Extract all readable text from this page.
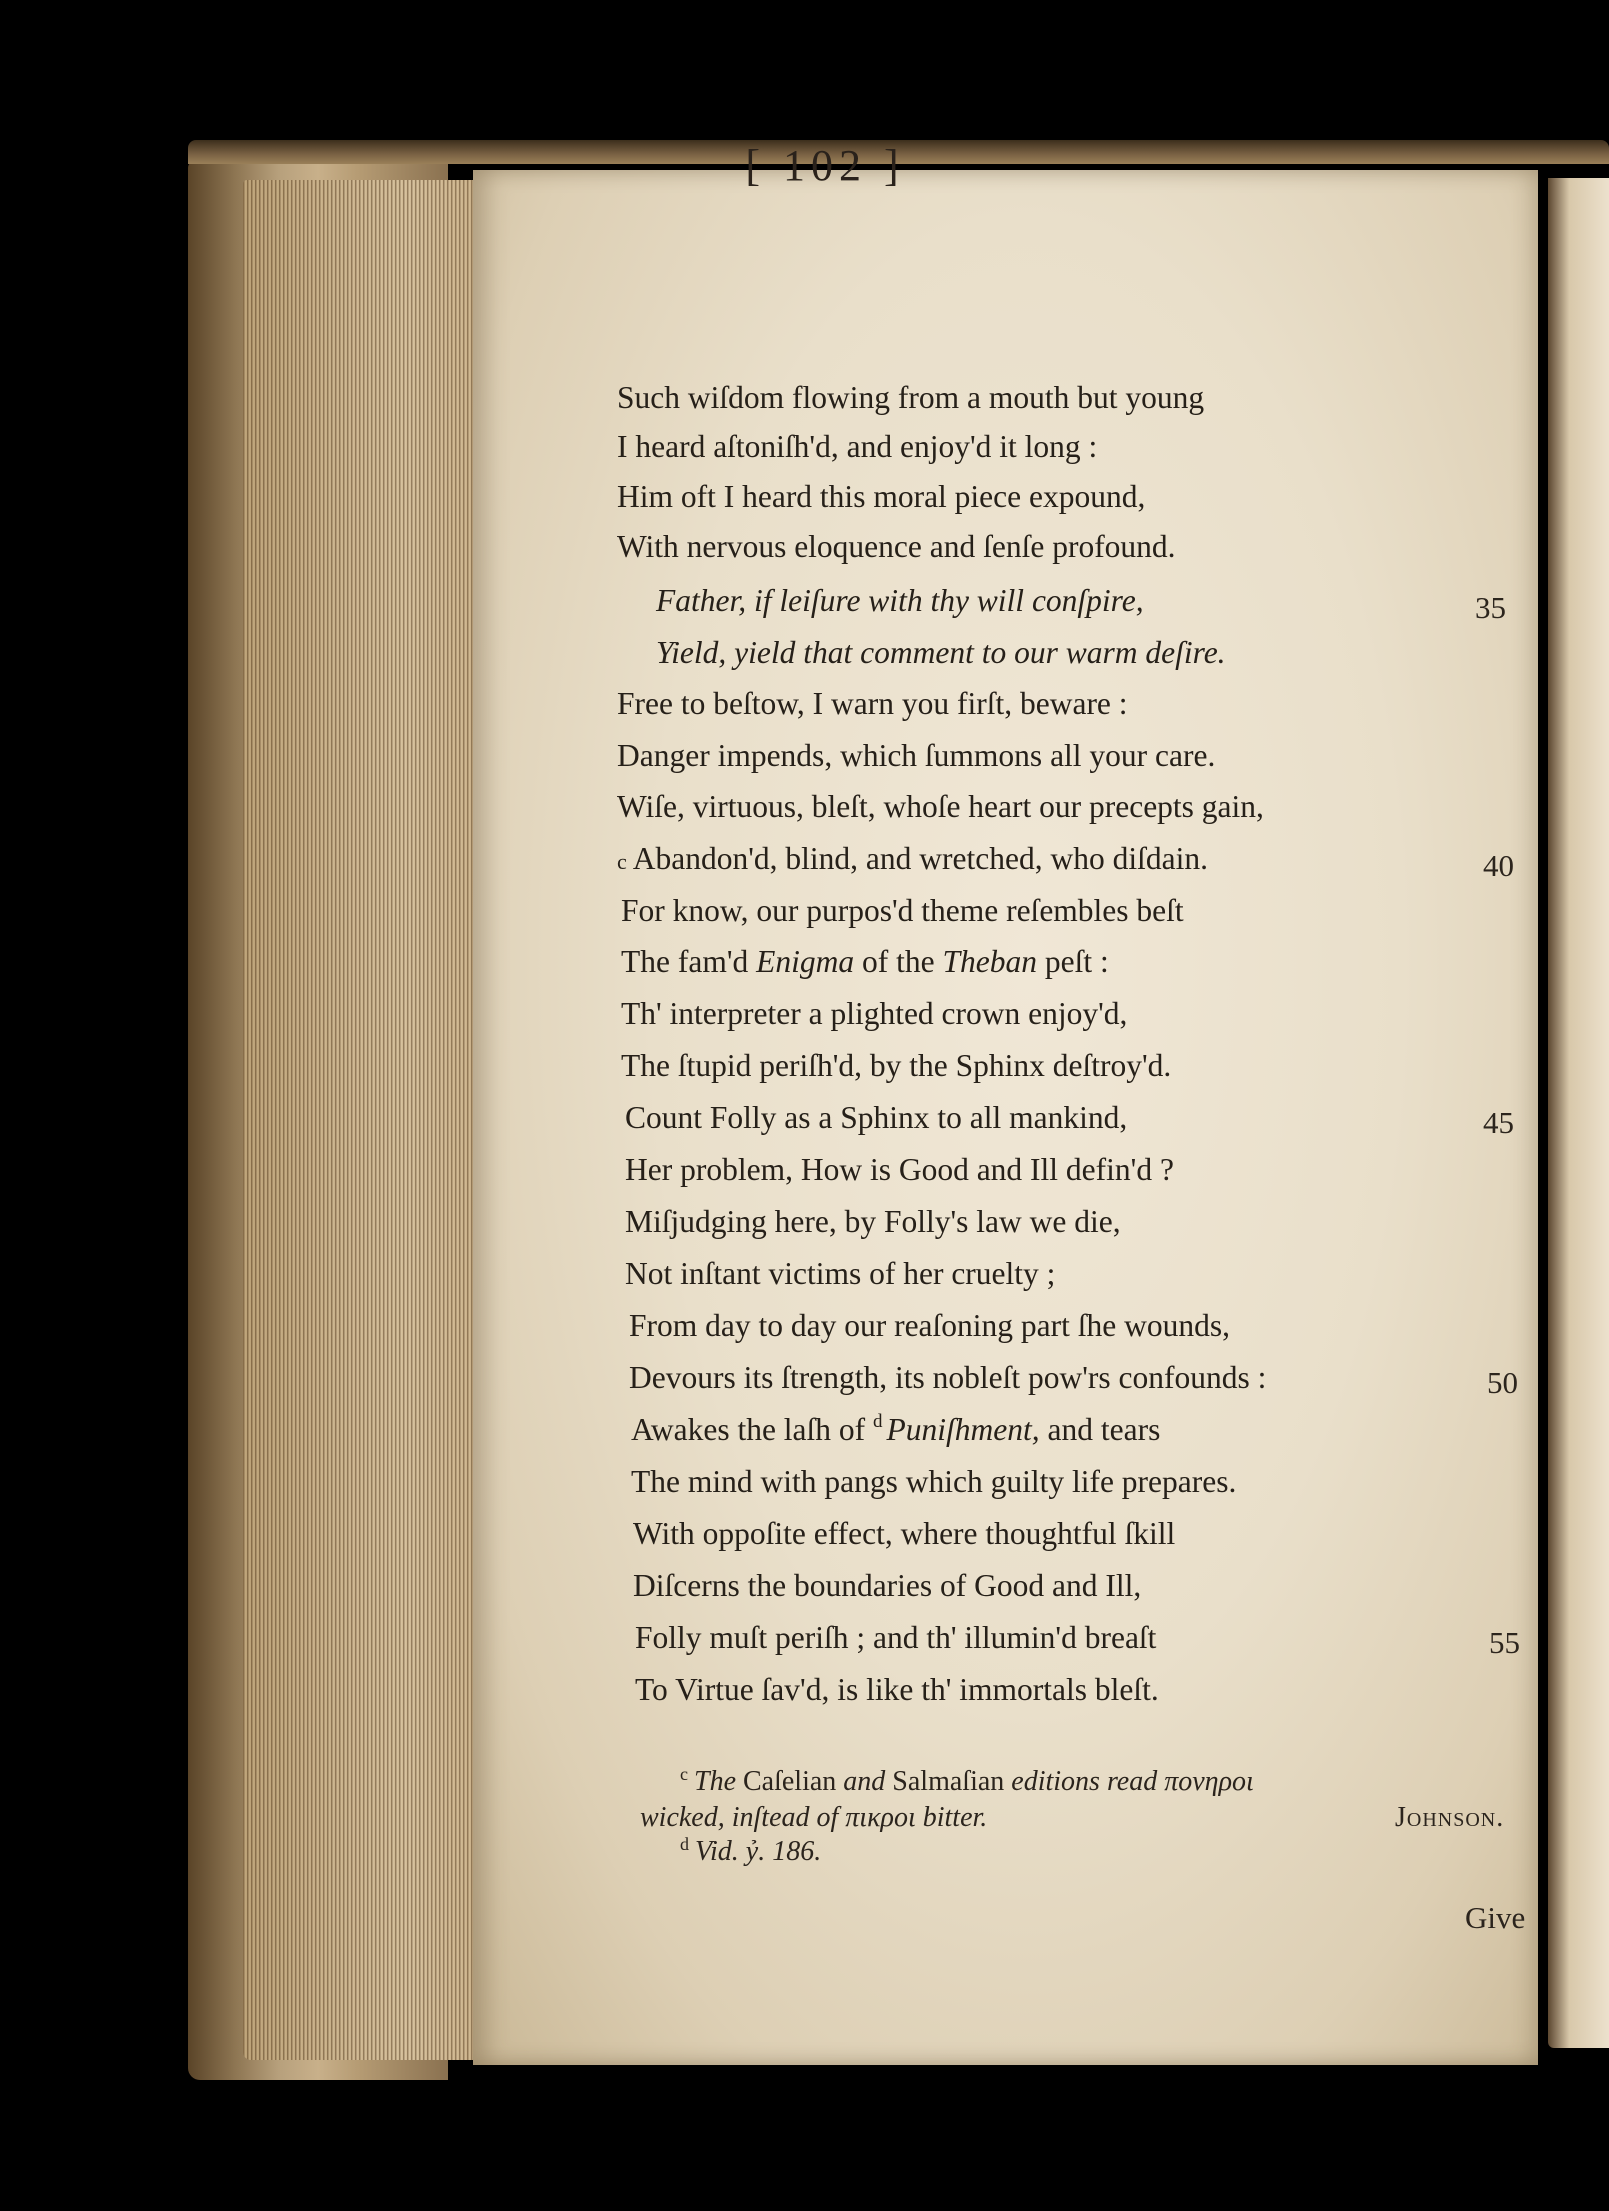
[ 102 ]
Such wiſdom flowing from a mouth but young
I heard aſtoniſh'd, and enjoy'd it long :
Him oft I heard this moral piece expound,
With nervous eloquence and ſenſe profound.
Father, if leiſure with thy will conſpire,
Yield, yield that comment to our warm deſire.
Free to beſtow, I warn you firſt, beware :
Danger impends, which ſummons all your care.
Wiſe, virtuous, bleſt, whoſe heart our precepts gain,
c Abandon'd, blind, and wretched, who diſdain.
For know, our purpos'd theme reſembles beſt
The fam'd Enigma of the Theban peſt :
Th' interpreter a plighted crown enjoy'd,
The ſtupid periſh'd, by the Sphinx deſtroy'd.
Count Folly as a Sphinx to all mankind,
Her problem, How is Good and Ill defin'd ?
Miſjudging here, by Folly's law we die,
Not inſtant victims of her cruelty ;
From day to day our reaſoning part ſhe wounds,
Devours its ſtrength, its nobleſt pow'rs confounds :
Awakes the laſh of $^d$ Puniſhment, and tears
The mind with pangs which guilty life prepares.
With oppoſite effect, where thoughtful ſkill
Diſcerns the boundaries of Good and Ill,
Folly muſt periſh ; and th' illumin'd breaſt
To Virtue ſav'd, is like th' immortals bleſt.
35
40
45
50
55
$^c$ The Caſelian and Salmaſian editions read πονηροι
wicked, inſtead of πικροι bitter.	Johnson.
$^d$ Vid. ỷ. 186.
Give
